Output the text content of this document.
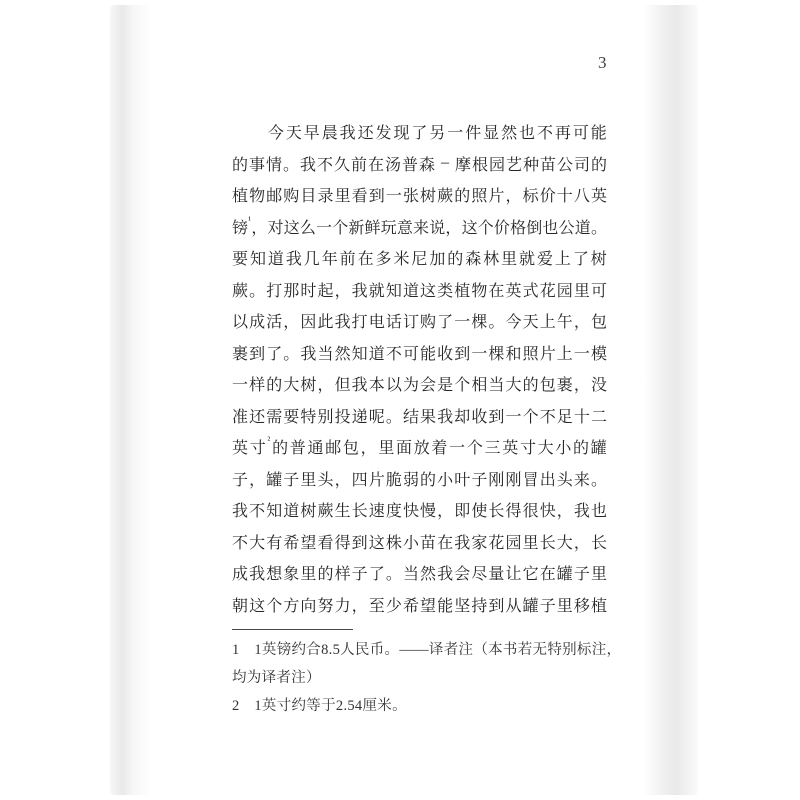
3

今 天 早 晨 我 还 发 现 了 另 一 件 显 然 也 不 再 可 能
的 事 情 。 我 不 久 前 在 汤 普 森
–
摩 根 园 艺 种 苗 公 司 的
植 物 邮 购 目 录 里 看 到 一 张 树 蕨 的 照 片 ， 标 价 十 八 英
镑 ¹ ， 对 这 么 一 个 新 鲜 玩 意 来 说 ， 这 个 价 格 倒 也 公 道 。
要 知 道 我 几 年 前 在 多 米 尼 加 的 森 林 里 就 爱 上 了 树
蕨 。 打 那 时 起 ， 我 就 知 道 这 类 植 物 在 英 式 花 园 里 可
以 成 活 ， 因 此 我 打 电 话 订 购 了 一 棵 。 今 天 上 午 ， 包
裹 到 了 。 我 当 然 知 道 不 可 能 收 到 一 棵 和 照 片 上 一 模
一 样 的 大 树 ， 但 我 本 以 为 会 是 个 相 当 大 的 包 裹 ， 没
准 还 需 要 特 别 投 递 呢 。 结 果 我 却 收 到 一 个 不 足 十 二
英 寸 ² 的 普 通 邮 包 ， 里 面 放 着 一 个 三 英 寸 大 小 的 罐
子 ， 罐 子 里 头 ， 四 片 脆 弱 的 小 叶 子 刚 刚 冒 出 头 来 。
我 不 知 道 树 蕨 生 长 速 度 快 慢 ， 即 使 长 得 很 快 ， 我 也
不 大 有 希 望 看 得 到 这 株 小 苗 在 我 家 花 园 里 长 大 ， 长
成 我 想 象 里 的 样 子 了 。 当 然 我 会 尽 量 让 它 在 罐 子 里
朝 这 个 方 向 努 力 ， 至 少 希 望 能 坚 持 到 从 罐 子 里 移 植
1　1英镑约合8.5人民币。——译者注（本书若无特别标注，
均为译者注）
2　1英寸约等于2.54厘米。
